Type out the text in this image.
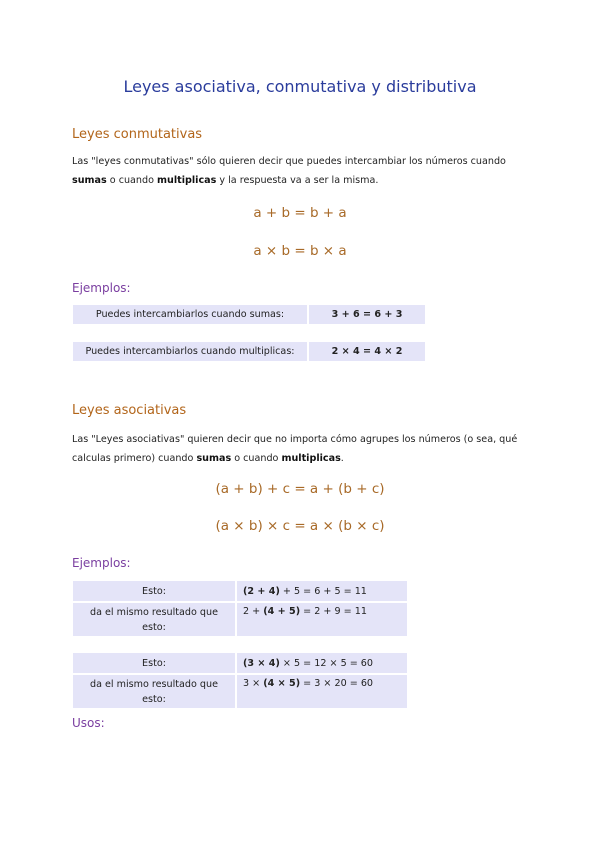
Leyes asociativa, conmutativa y distributiva
Leyes conmutativas

Las "leyes conmutativas" sólo quieren decir que puedes intercambiar los números cuando sumas o cuando multiplicas y la respuesta va a ser la misma.

a + b = b + a
a × b = b × a
Ejemplos:
Puedes intercambiarlos cuando sumas:	3 + 6 = 6 + 3
Puedes intercambiarlos cuando multiplicas:	2 × 4 = 4 × 2
Leyes asociativas

Las "Leyes asociativas" quieren decir que no importa cómo agrupes los números (o sea, qué calculas primero) cuando sumas o cuando multiplicas.

(a + b) + c = a + (b + c)
(a × b) × c = a × (b × c)
Ejemplos:
Esto:	(2 + 4) + 5 = 6 + 5 = 11
da el mismo resultado que esto:	2 + (4 + 5) = 2 + 9 = 11
Esto:	(3 × 4) × 5 = 12 × 5 = 60
da el mismo resultado que esto:	3 × (4 × 5) = 3 × 20 = 60
Usos:
